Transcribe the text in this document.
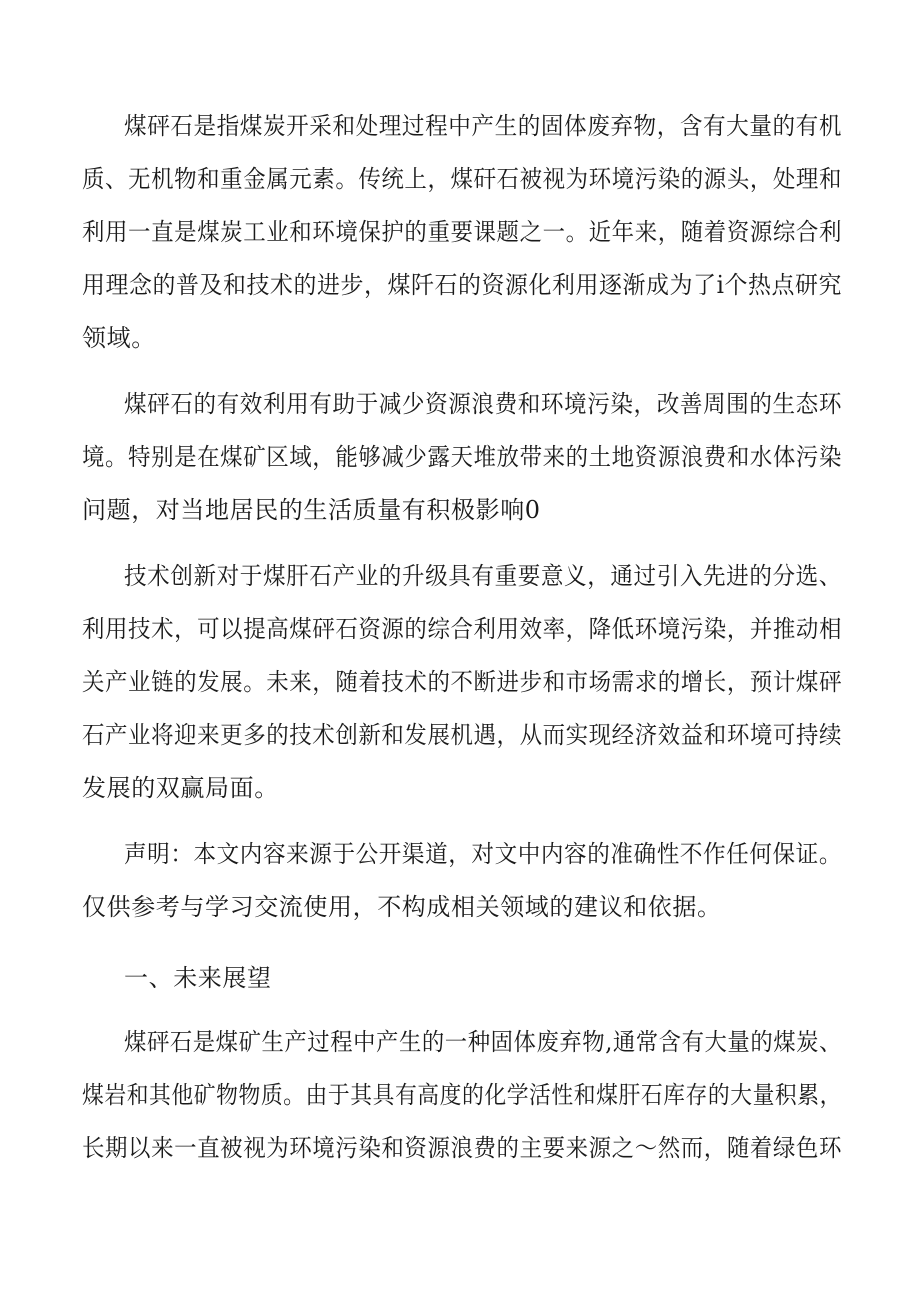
煤砰石是指煤炭开采和处理过程中产生的固体废弃物，含有大量的有机
质、无机物和重金属元素。传统上，煤矸石被视为环境污染的源头，处理和
利用一直是煤炭工业和环境保护的重要课题之一。近年来，随着资源综合利
用理念的普及和技术的进步，煤阡石的资源化利用逐渐成为了i个热点研究
领域。
煤砰石的有效利用有助于减少资源浪费和环境污染，改善周围的生态环
境。特别是在煤矿区域，能够减少露天堆放带来的土地资源浪费和水体污染
问题，对当地居民的生活质量有积极影响0
技术创新对于煤肝石产业的升级具有重要意义，通过引入先进的分选、
利用技术，可以提高煤砰石资源的综合利用效率，降低环境污染，并推动相
关产业链的发展。未来，随着技术的不断进步和市场需求的增长，预计煤砰
石产业将迎来更多的技术创新和发展机遇，从而实现经济效益和环境可持续
发展的双赢局面。
声明：本文内容来源于公开渠道，对文中内容的准确性不作任何保证。
仅供参考与学习交流使用，不构成相关领域的建议和依据。
一、未来展望
煤砰石是煤矿生产过程中产生的一种固体废弃物,通常含有大量的煤炭、
煤岩和其他矿物物质。由于其具有高度的化学活性和煤肝石库存的大量积累，
长期以来一直被视为环境污染和资源浪费的主要来源之〜然而，随着绿色环
